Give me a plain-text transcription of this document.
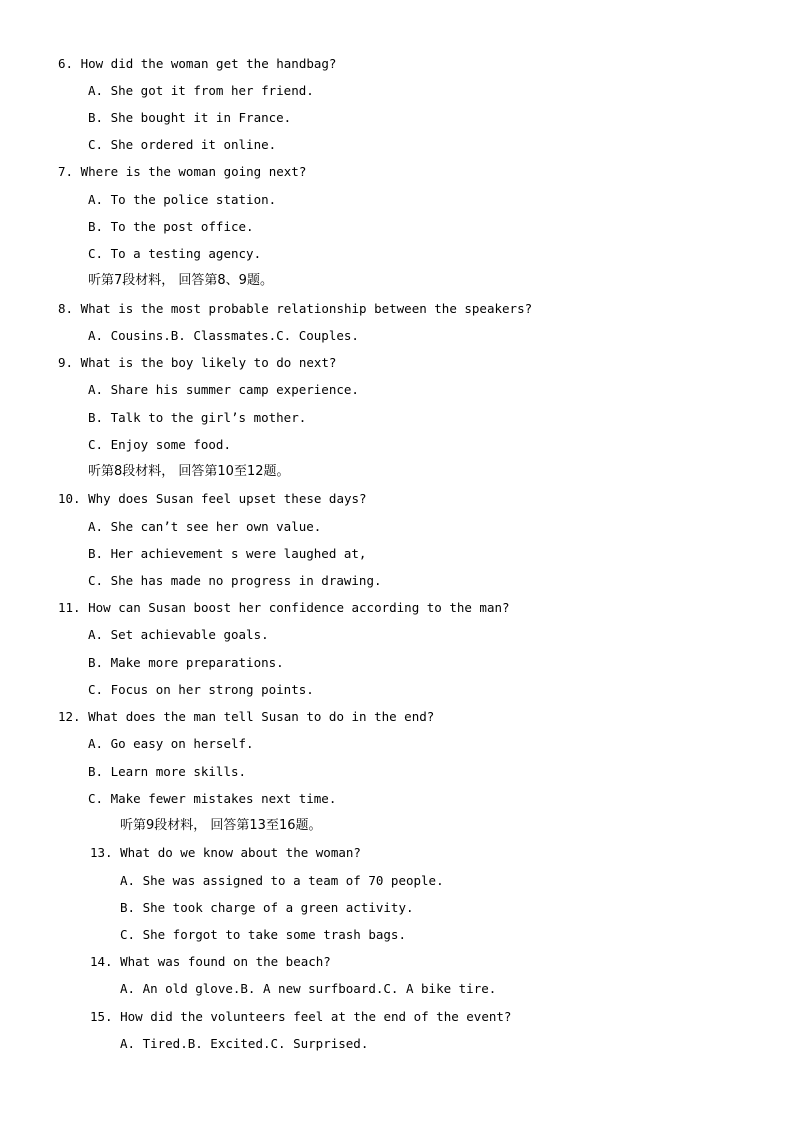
6. How did the woman get the handbag?
A. She got it from her friend.
B. She bought it in France.
C. She ordered it online.
7. Where is the woman going next?
A. To the police station.
B. To the post office.
C. To a testing agency.
听第7段材料， 回答第8、9题。
8. What is the most probable relationship between the speakers?
A. Cousins.B. Classmates.C. Couples.
9. What is the boy likely to do next?
A. Share his summer camp experience.
B. Talk to the girl’s mother.
C. Enjoy some food.
听第8段材料， 回答第10至12题。
10. Why does Susan feel upset these days?
A. She can’t see her own value.
B. Her achievement s were laughed at,
C. She has made no progress in drawing.
11. How can Susan boost her confidence according to the man?
A. Set achievable goals.
B. Make more preparations.
C. Focus on her strong points.
12. What does the man tell Susan to do in the end?
A. Go easy on herself.
B. Learn more skills.
C. Make fewer mistakes next time.
听第9段材料， 回答第13至16题。
13. What do we know about the woman?
A. She was assigned to a team of 70 people.
B. She took charge of a green activity.
C. She forgot to take some trash bags.
14. What was found on the beach?
A. An old glove.B. A new surfboard.C. A bike tire.
15. How did the volunteers feel at the end of the event?
A. Tired.B. Excited.C. Surprised.
